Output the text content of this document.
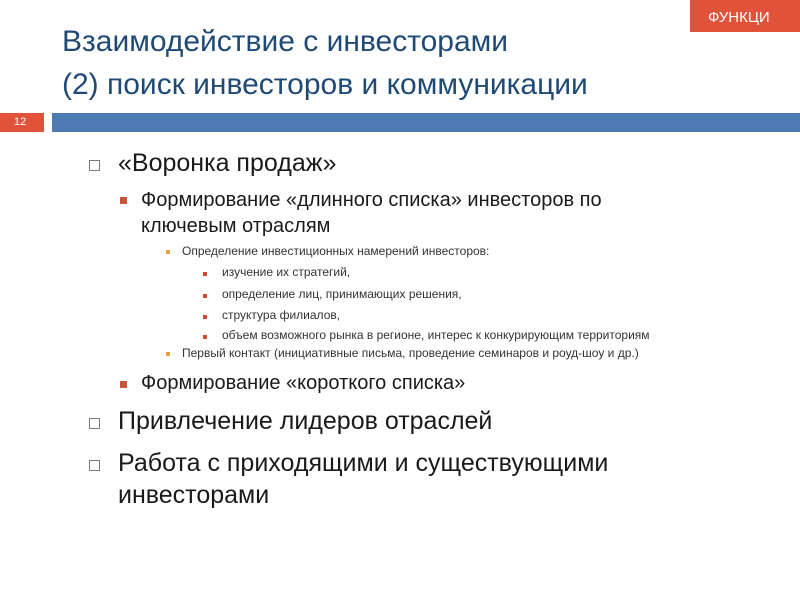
ФУНКЦИ
Взаимодействие с инвесторами
(2) поиск инвесторов и коммуникации
12
«Воронка продаж»
Формирование «длинного списка» инвесторов по
ключевым отраслям
Определение инвестиционных намерений инвесторов:
изучение их стратегий,
определение лиц, принимающих решения,
структура филиалов,
объем возможного рынка в регионе, интерес к конкурирующим территориям
Первый контакт (инициативные письма, проведение семинаров и роуд-шоу и др.)
Формирование «короткого списка»
Привлечение лидеров отраслей
Работа с приходящими и существующими
инвесторами
